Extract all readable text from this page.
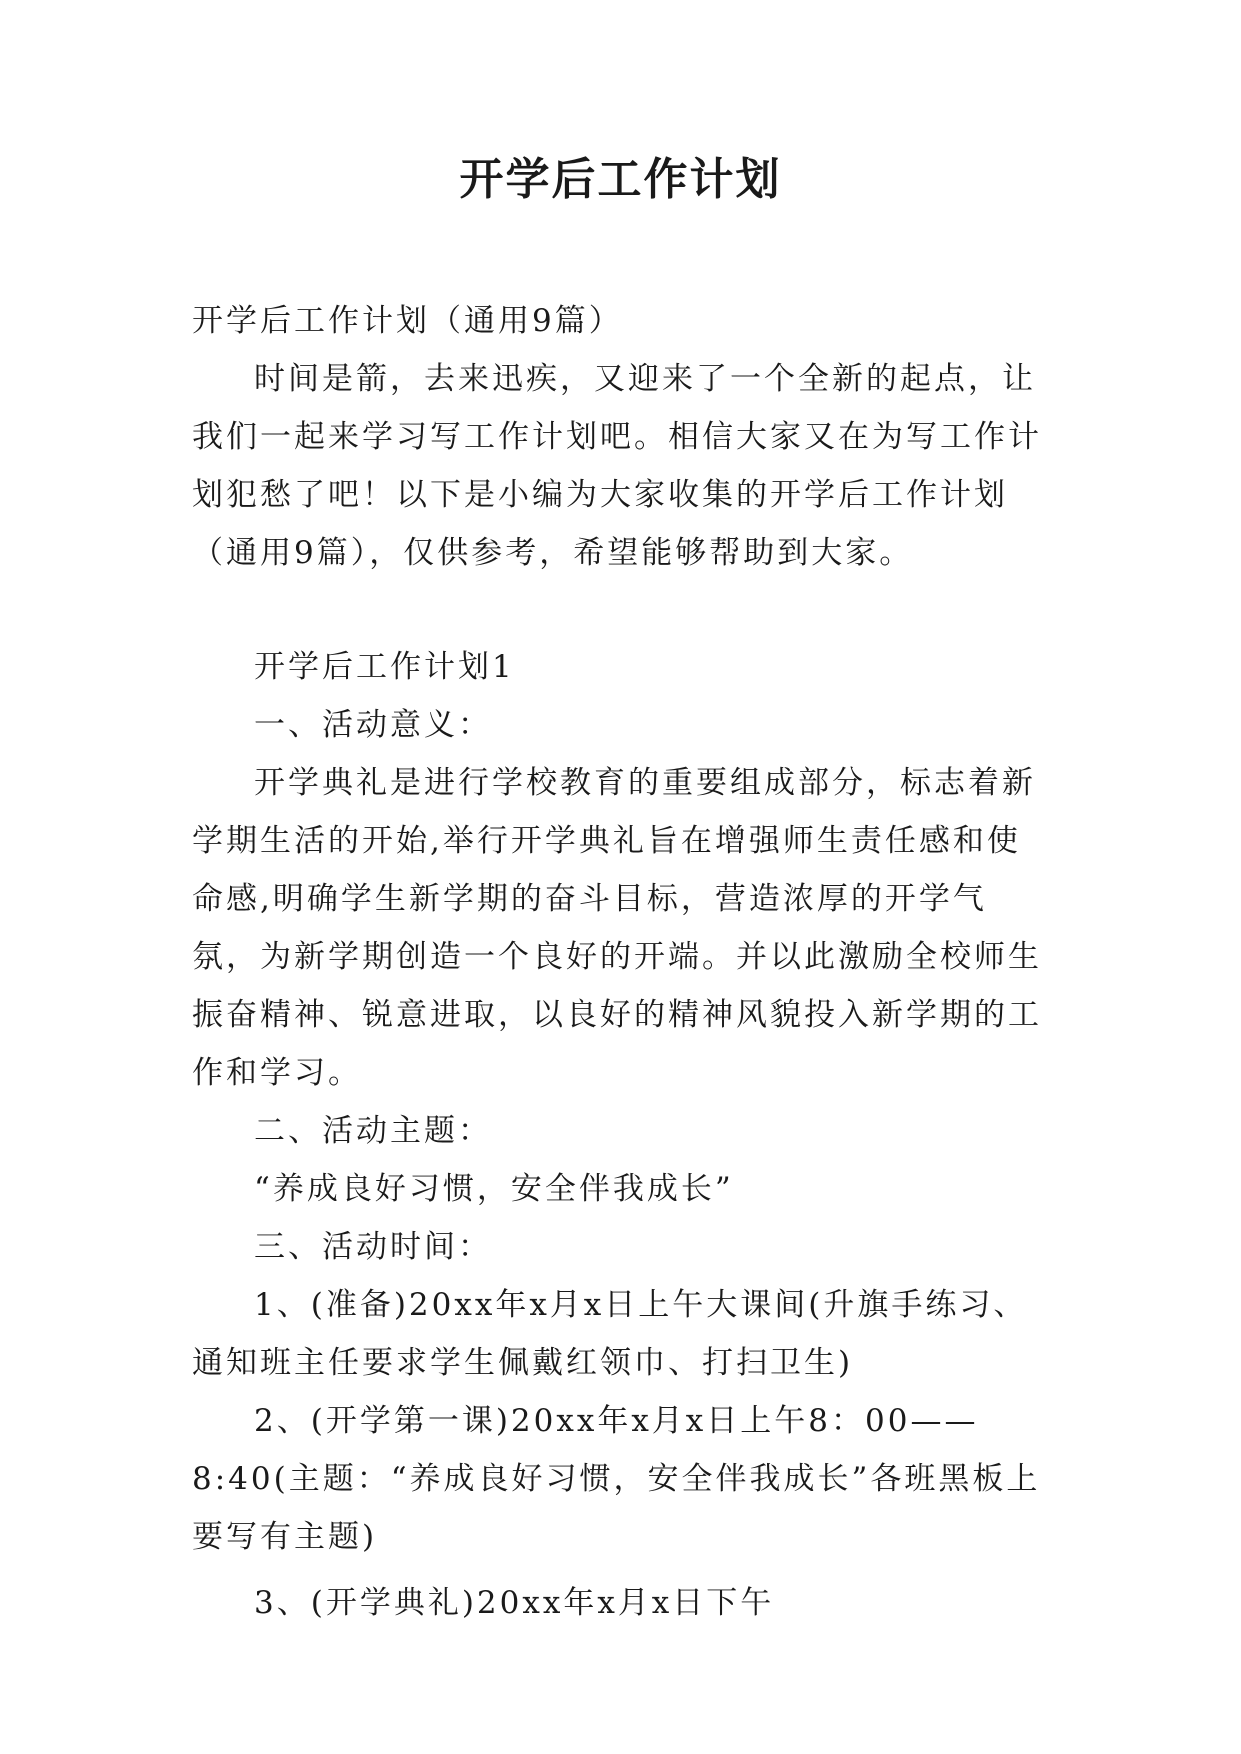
开学后工作计划

开学后工作计划（通用9篇）

时间是箭，去来迅疾，又迎来了一个全新的起点，让我们一起来学习写工作计划吧。相信大家又在为写工作计划犯愁了吧！以下是小编为大家收集的开学后工作计划（通用9篇），仅供参考，希望能够帮助到大家。

开学后工作计划1

一、活动意义：

开学典礼是进行学校教育的重要组成部分，标志着新学期生活的开始,举行开学典礼旨在增强师生责任感和使命感,明确学生新学期的奋斗目标，营造浓厚的开学气氛，为新学期创造一个良好的开端。并以此激励全校师生振奋精神、锐意进取，以良好的精神风貌投入新学期的工作和学习。

二、活动主题：

“养成良好习惯，安全伴我成长”

三、活动时间：

1、(准备)20xx年x月x日上午大课间(升旗手练习、通知班主任要求学生佩戴红领巾、打扫卫生)

2、(开学第一课)20xx年x月x日上午8：00——8:40(主题：“养成良好习惯，安全伴我成长”各班黑板上要写有主题)

3、(开学典礼)20xx年x月x日下午
